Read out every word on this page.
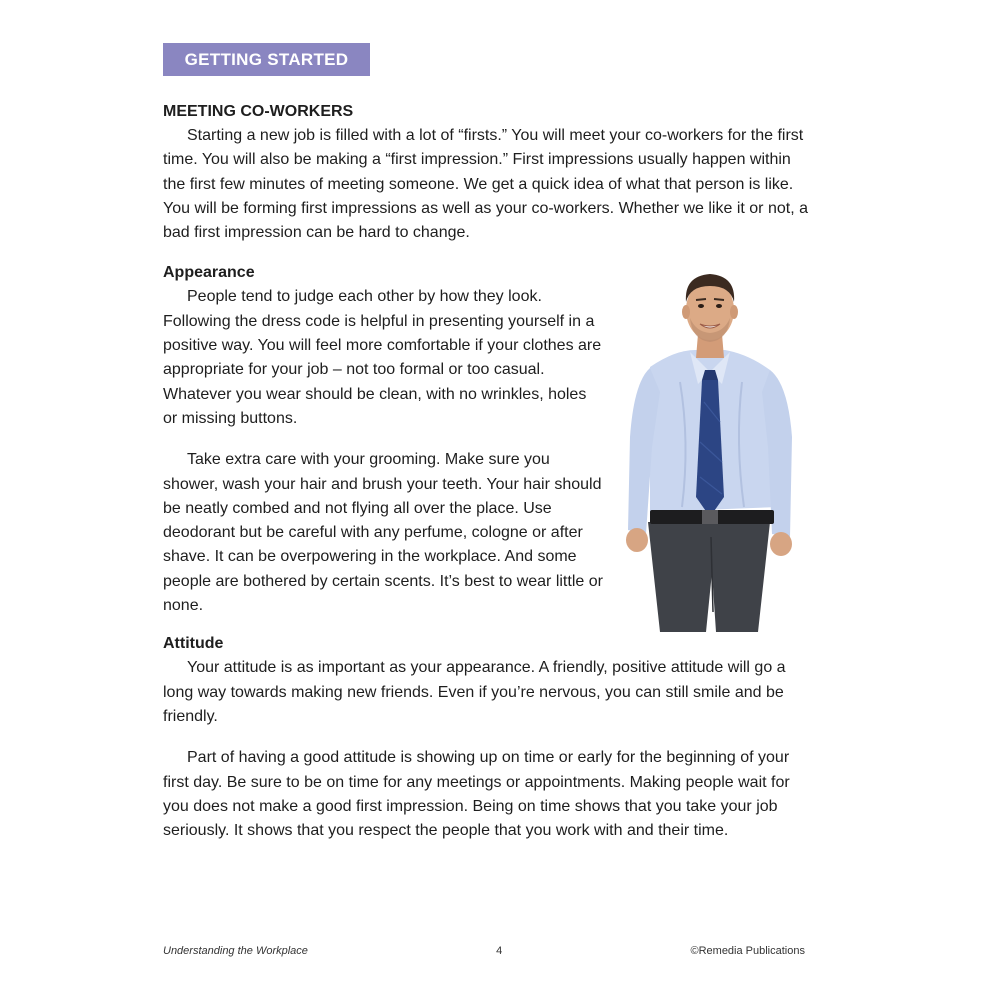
GETTING STARTED
MEETING CO-WORKERS

Starting a new job is filled with a lot of “firsts.” You will meet your co-workers for the first time. You will also be making a “first impression.” First impressions usually happen within the first few minutes of meeting someone. We get a quick idea of what that person is like. You will be forming first impressions as well as your co-workers. Whether we like it or not, a bad first impression can be hard to change.

Appearance

People tend to judge each other by how they look. Following the dress code is helpful in presenting yourself in a positive way. You will feel more comfortable if your clothes are appropriate for your job – not too formal or too casual. Whatever you wear should be clean, with no wrinkles, holes or missing buttons.

Take extra care with your grooming. Make sure you shower, wash your hair and brush your teeth. Your hair should be neatly combed and not flying all over the place. Use deodorant but be careful with any perfume, cologne or after shave. It can be overpowering in the workplace. And some people are bothered by certain scents. It’s best to wear little or none.

Attitude

Your attitude is as important as your appearance. A friendly, positive attitude will go a long way towards making new friends. Even if you’re nervous, you can still smile and be friendly.

Part of having a good attitude is showing up on time or early for the beginning of your first day. Be sure to be on time for any meetings or appointments. Making people wait for you does not make a good first impression. Being on time shows that you take your job seriously. It shows that you respect the people that you work with and their time.

Understanding the Workplace	4	©Remedia Publications
